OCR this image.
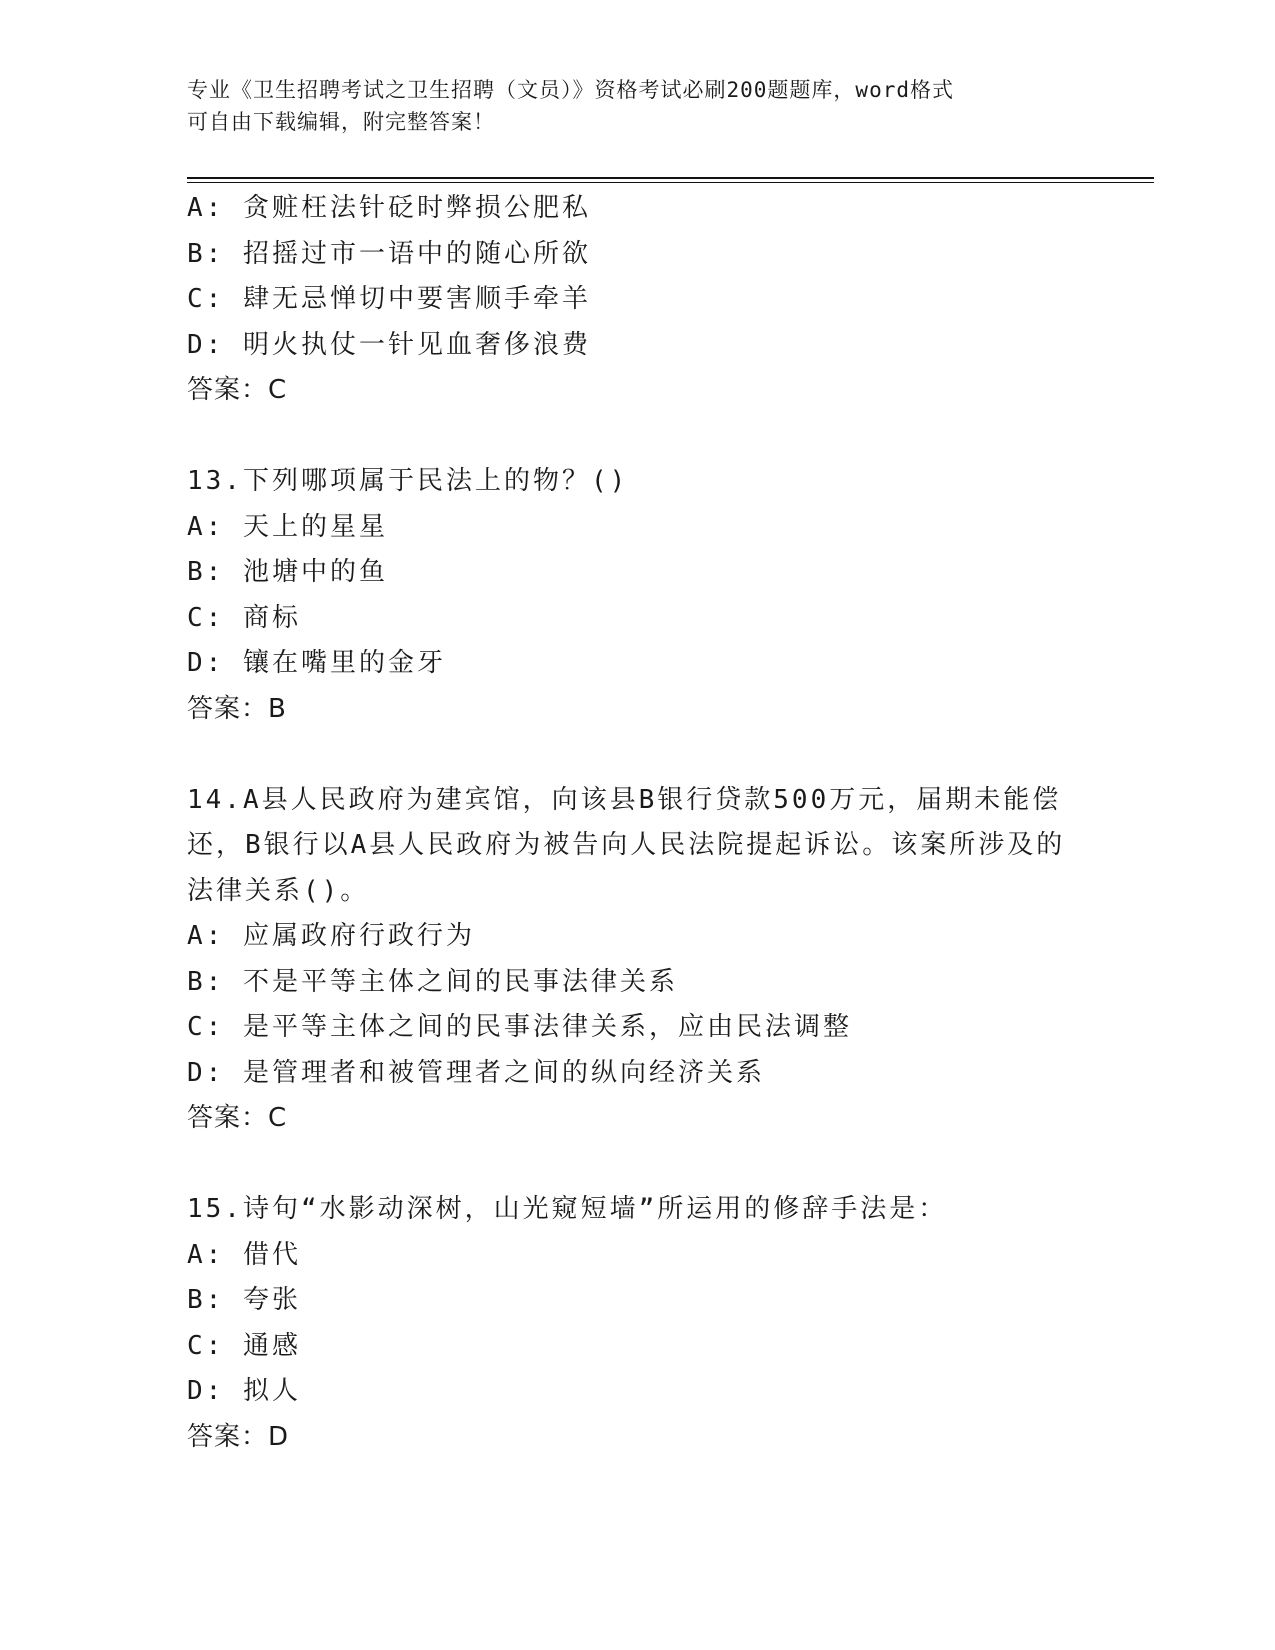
专业《卫生招聘考试之卫生招聘（文员）》资格考试必刷200题题库，word格式
可自由下载编辑，附完整答案！
A: 贪赃枉法针砭时弊损公肥私
B: 招摇过市一语中的随心所欲
C: 肆无忌惮切中要害顺手牵羊
D: 明火执仗一针见血奢侈浪费
答案：C
13.下列哪项属于民法上的物？()
A: 天上的星星
B: 池塘中的鱼
C: 商标
D: 镶在嘴里的金牙
答案：B
14.A县人民政府为建宾馆，向该县B银行贷款500万元，届期未能偿
还，B银行以A县人民政府为被告向人民法院提起诉讼。该案所涉及的
法律关系()。
A: 应属政府行政行为
B: 不是平等主体之间的民事法律关系
C: 是平等主体之间的民事法律关系，应由民法调整
D: 是管理者和被管理者之间的纵向经济关系
答案：C
15.诗句“水影动深树，山光窥短墙”所运用的修辞手法是：
A: 借代
B: 夸张
C: 通感
D: 拟人
答案：D
